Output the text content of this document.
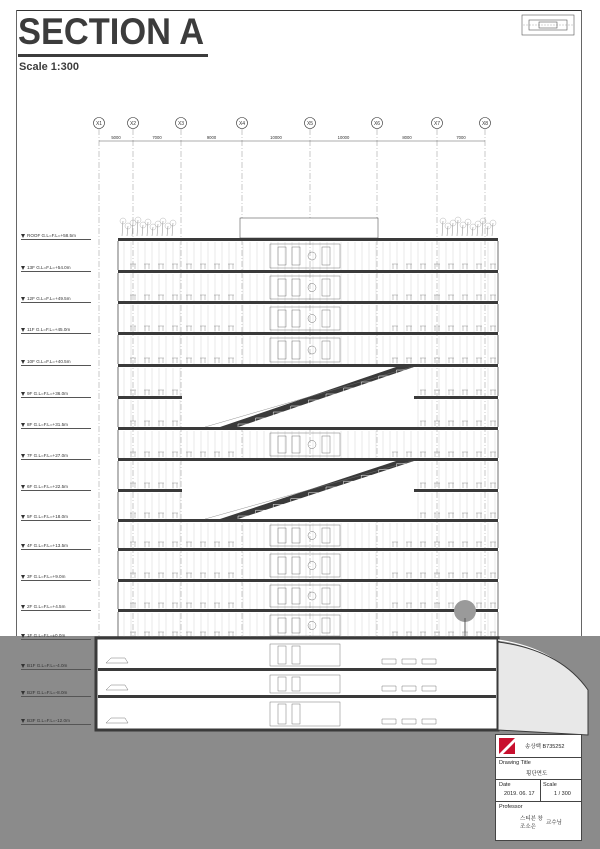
SECTION A
Scale 1:300
X1	X2	X3	X4	X5	X6	X7	X8
5000	7000	9000	10000	10000	8000	7000
ROOF G.L=F.L=+58.5m
13F G.L=F.L=+54.0m
12F G.L=F.L=+49.5m
11F G.L=F.L=+45.0m
10F G.L=F.L=+40.5m
9F G.L=F.L=+36.0m
8F G.L=F.L=+31.5m
7F G.L=F.L=+27.0m
6F G.L=F.L=+22.5m
5F G.L=F.L=+18.0m
4F G.L=F.L=+13.5m
3F G.L=F.L=+9.0m
2F G.L=F.L=+4.5m
1F G.L=F.L=±0.0m
B1F G.L=F.L=-4.0m
B2F G.L=F.L=-8.0m
B3F G.L=F.L=-12.0m
송상백 B735252
Drawing Title
횡단면도
Date
2019. 06. 17
Scale
1 / 300
Professor
스티븐 창
조소은
교수님
